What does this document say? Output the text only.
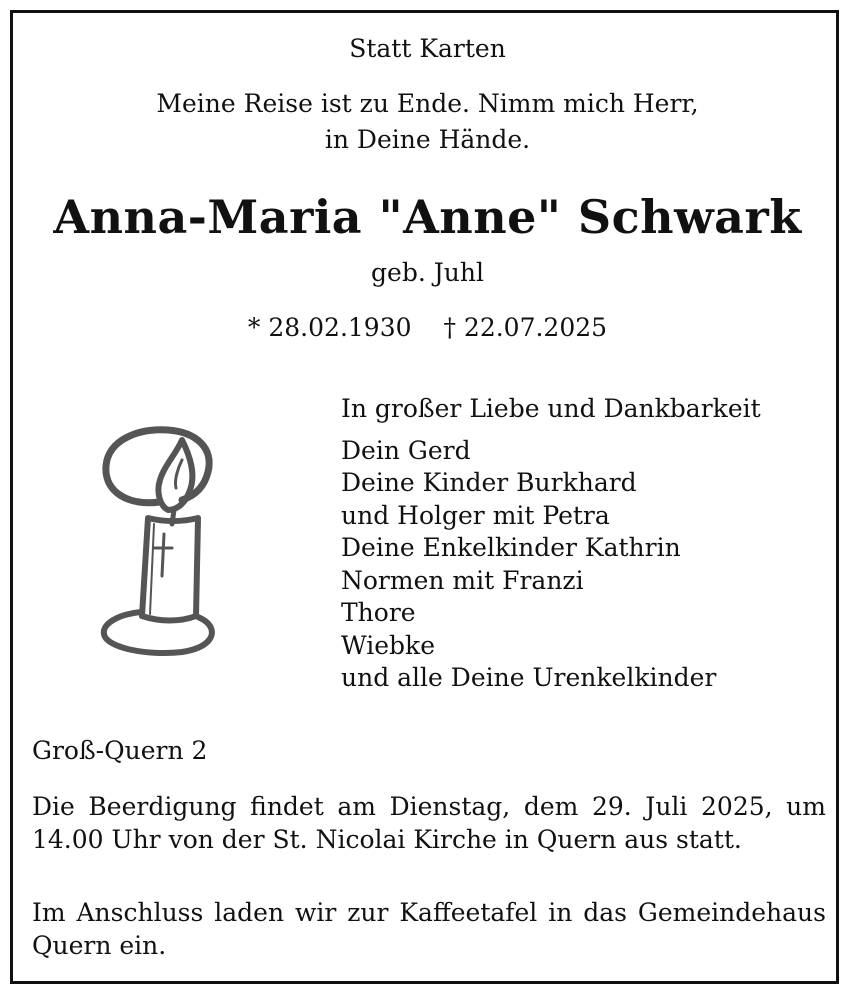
Statt Karten
Meine Reise ist zu Ende. Nimm mich Herr,
in Deine Hände.
Anna-Maria "Anne" Schwark
geb. Juhl
* 28.02.1930 † 22.07.2025
In großer Liebe und Dankbarkeit
Dein Gerd
Deine Kinder Burkhard
und Holger mit Petra
Deine Enkelkinder Kathrin
Normen mit Franzi
Thore
Wiebke
und alle Deine Urenkelkinder
Groß-Quern 2
Die Beerdigung findet am Dienstag, dem 29. Juli 2025, um 14.00 Uhr von der St. Nicolai Kirche in Quern aus statt.
Im Anschluss laden wir zur Kaffeetafel in das Gemeindehaus Quern ein.
